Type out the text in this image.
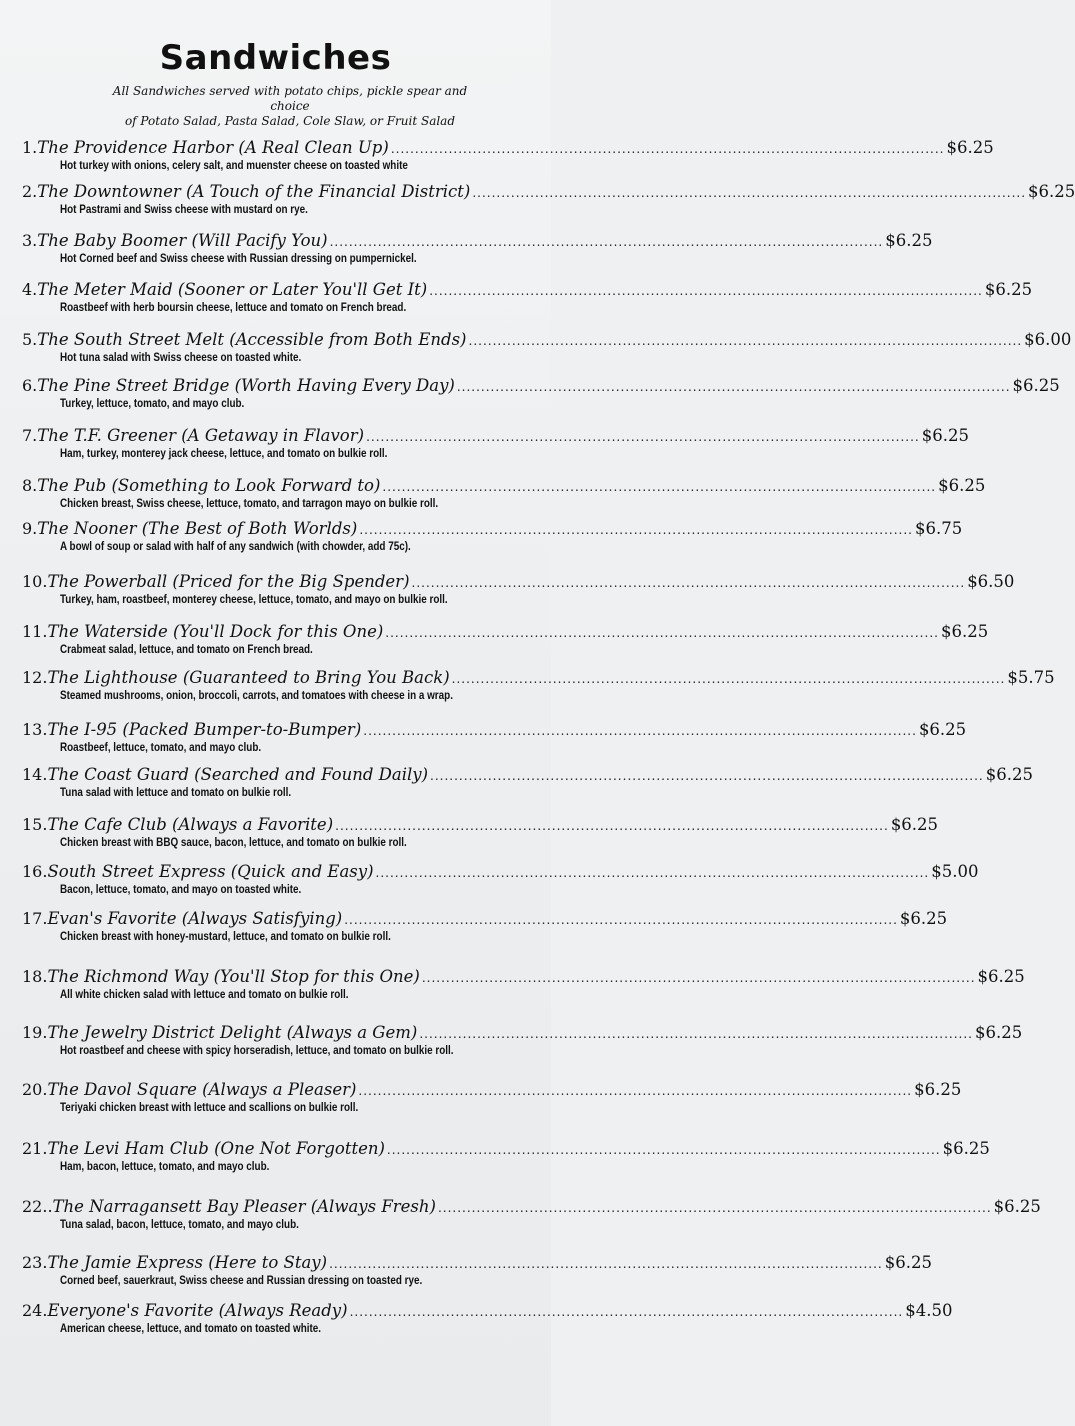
Sandwiches
All Sandwiches served with potato chips, pickle spear and choice
of Potato Salad, Pasta Salad, Cole Slaw, or Fruit Salad
1. The Providence Harbor (A Real Clean Up) .....	$6.25
Hot turkey with onions, celery salt, and muenster cheese on toasted white
2. The Downtowner (A Touch of the Financial District) .....	$6.25
Hot Pastrami and Swiss cheese with mustard on rye.
3. The Baby Boomer (Will Pacify You) .....	$6.25
Hot Corned beef and Swiss cheese with Russian dressing on pumpernickel.
4. The Meter Maid (Sooner or Later You'll Get It) .....	$6.25
Roastbeef with herb boursin cheese, lettuce and tomato on French bread.
5. The South Street Melt (Accessible from Both Ends) .....	$6.00
Hot tuna salad with Swiss cheese on toasted white.
6. The Pine Street Bridge (Worth Having Every Day) .....	$6.25
Turkey, lettuce, tomato, and mayo club.
7. The T.F. Greener (A Getaway in Flavor) .....	$6.25
Ham, turkey, monterey jack cheese, lettuce, and tomato on bulkie roll.
8. The Pub (Something to Look Forward to) .....	$6.25
Chicken breast, Swiss cheese, lettuce, tomato, and tarragon mayo on bulkie roll.
9. The Nooner (The Best of Both Worlds) .....	$6.75
A bowl of soup or salad with half of any sandwich (with chowder, add 75c).
10. The Powerball (Priced for the Big Spender) .....	$6.50
Turkey, ham, roastbeef, monterey cheese, lettuce, tomato, and mayo on bulkie roll.
11. The Waterside (You'll Dock for this One) .....	$6.25
Crabmeat salad, lettuce, and tomato on French bread.
12. The Lighthouse (Guaranteed to Bring You Back) .....	$5.75
Steamed mushrooms, onion, broccoli, carrots, and tomatoes with cheese in a wrap.
13. The I-95 (Packed Bumper-to-Bumper) .....	$6.25
Roastbeef, lettuce, tomato, and mayo club.
14. The Coast Guard (Searched and Found Daily) .....	$6.25
Tuna salad with lettuce and tomato on bulkie roll.
15. The Cafe Club (Always a Favorite) .....	$6.25
Chicken breast with BBQ sauce, bacon, lettuce, and tomato on bulkie roll.
16. South Street Express (Quick and Easy) .....	$5.00
Bacon, lettuce, tomato, and mayo on toasted white.
17. Evan's Favorite (Always Satisfying) .....	$6.25
Chicken breast with honey-mustard, lettuce, and tomato on bulkie roll.
18. The Richmond Way (You'll Stop for this One) .....	$6.25
All white chicken salad with lettuce and tomato on bulkie roll.
19. The Jewelry District Delight (Always a Gem) .....	$6.25
Hot roastbeef and cheese with spicy horseradish, lettuce, and tomato on bulkie roll.
20. The Davol Square (Always a Pleaser) .....	$6.25
Teriyaki chicken breast with lettuce and scallions on bulkie roll.
21. The Levi Ham Club (One Not Forgotten) .....	$6.25
Ham, bacon, lettuce, tomato, and mayo club.
22.. The Narragansett Bay Pleaser (Always Fresh) .....	$6.25
Tuna salad, bacon, lettuce, tomato, and mayo club.
23. The Jamie Express (Here to Stay) .....	$6.25
Corned beef, sauerkraut, Swiss cheese and Russian dressing on toasted rye.
24. Everyone's Favorite (Always Ready) .....	$4.50
American cheese, lettuce, and tomato on toasted white.
